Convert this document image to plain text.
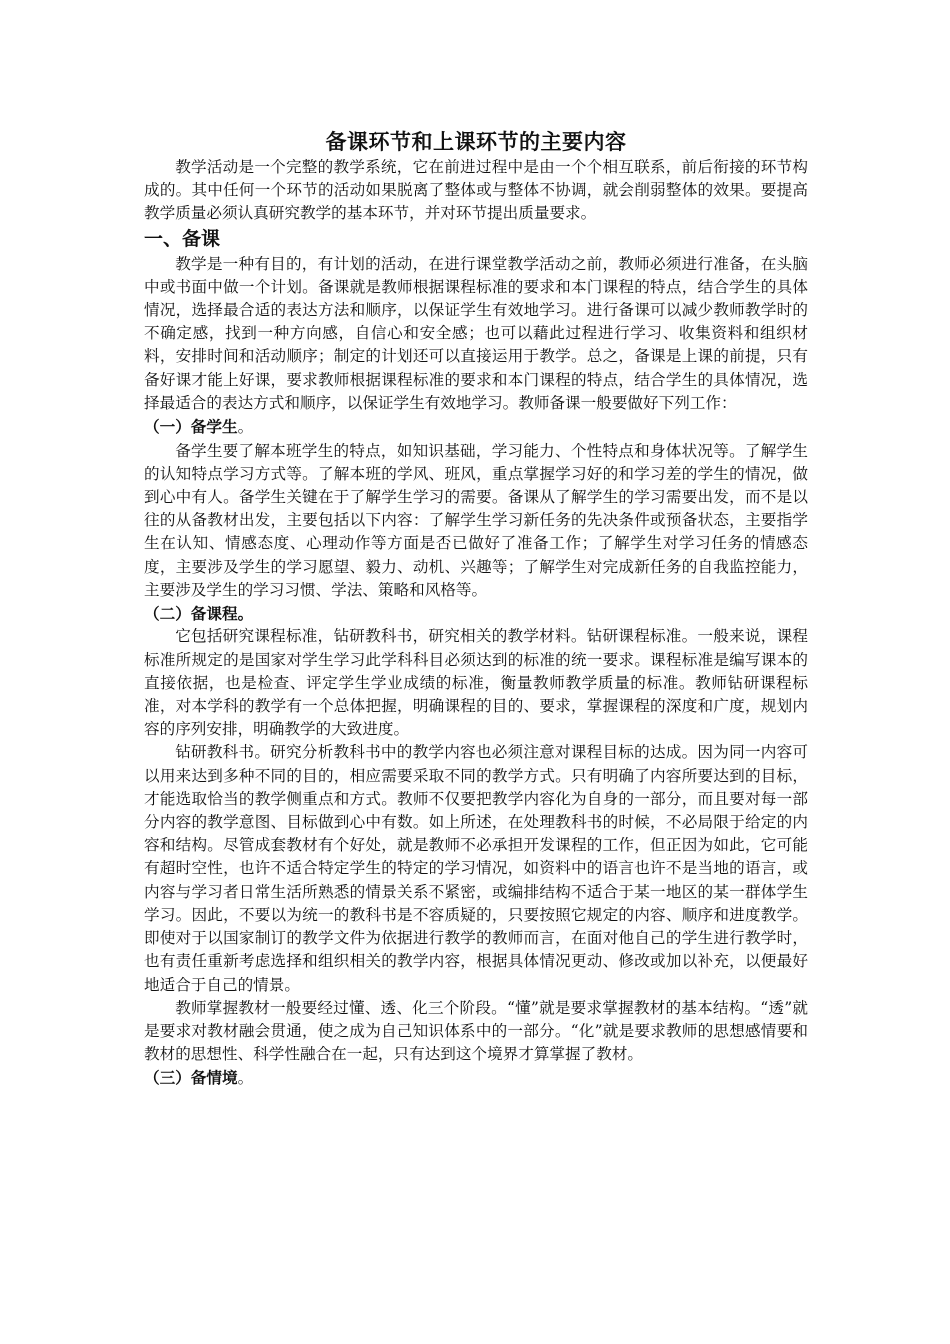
备课环节和上课环节的主要内容

教学活动是一个完整的教学系统，它在前进过程中是由一个个相互联系，前后衔接的环节构成的。其中任何一个环节的活动如果脱离了整体或与整体不协调，就会削弱整体的效果。要提高教学质量必须认真研究教学的基本环节，并对环节提出质量要求。

一、备课

教学是一种有目的，有计划的活动，在进行课堂教学活动之前，教师必须进行准备，在头脑中或书面中做一个计划。备课就是教师根据课程标准的要求和本门课程的特点，结合学生的具体情况，选择最合适的表达方法和顺序，以保证学生有效地学习。进行备课可以减少教师教学时的不确定感，找到一种方向感，自信心和安全感；也可以藉此过程进行学习、收集资料和组织材料，安排时间和活动顺序；制定的计划还可以直接运用于教学。总之，备课是上课的前提，只有备好课才能上好课，要求教师根据课程标准的要求和本门课程的特点，结合学生的具体情况，选择最适合的表达方式和顺序，以保证学生有效地学习。教师备课一般要做好下列工作：

（一）备学生。

备学生要了解本班学生的特点，如知识基础，学习能力、个性特点和身体状况等。了解学生的认知特点学习方式等。了解本班的学风、班风，重点掌握学习好的和学习差的学生的情况，做到心中有人。备学生关键在于了解学生学习的需要。备课从了解学生的学习需要出发，而不是以往的从备教材出发，主要包括以下内容：了解学生学习新任务的先决条件或预备状态，主要指学生在认知、情感态度、心理动作等方面是否已做好了准备工作；了解学生对学习任务的情感态度，主要涉及学生的学习愿望、毅力、动机、兴趣等；了解学生对完成新任务的自我监控能力，主要涉及学生的学习习惯、学法、策略和风格等。

（二）备课程。

它包括研究课程标准，钻研教科书，研究相关的教学材料。钻研课程标准。一般来说，课程标准所规定的是国家对学生学习此学科科目必须达到的标准的统一要求。课程标准是编写课本的直接依据，也是检查、评定学生学业成绩的标准，衡量教师教学质量的标准。教师钻研课程标准，对本学科的教学有一个总体把握，明确课程的目的、要求，掌握课程的深度和广度，规划内容的序列安排，明确教学的大致进度。

钻研教科书。研究分析教科书中的教学内容也必须注意对课程目标的达成。因为同一内容可以用来达到多种不同的目的，相应需要采取不同的教学方式。只有明确了内容所要达到的目标，才能选取恰当的教学侧重点和方式。教师不仅要把教学内容化为自身的一部分，而且要对每一部分内容的教学意图、目标做到心中有数。如上所述，在处理教科书的时候，不必局限于给定的内容和结构。尽管成套教材有个好处，就是教师不必承担开发课程的工作，但正因为如此，它可能有超时空性，也许不适合特定学生的特定的学习情况，如资料中的语言也许不是当地的语言，或内容与学习者日常生活所熟悉的情景关系不紧密，或编排结构不适合于某一地区的某一群体学生学习。因此，不要以为统一的教科书是不容质疑的，只要按照它规定的内容、顺序和进度教学。即使对于以国家制订的教学文件为依据进行教学的教师而言，在面对他自己的学生进行教学时，也有责任重新考虑选择和组织相关的教学内容，根据具体情况更动、修改或加以补充，以便最好地适合于自己的情景。

教师掌握教材一般要经过懂、透、化三个阶段。“懂”就是要求掌握教材的基本结构。“透”就是要求对教材融会贯通，使之成为自己知识体系中的一部分。“化”就是要求教师的思想感情要和教材的思想性、科学性融合在一起，只有达到这个境界才算掌握了教材。

（三）备情境。
